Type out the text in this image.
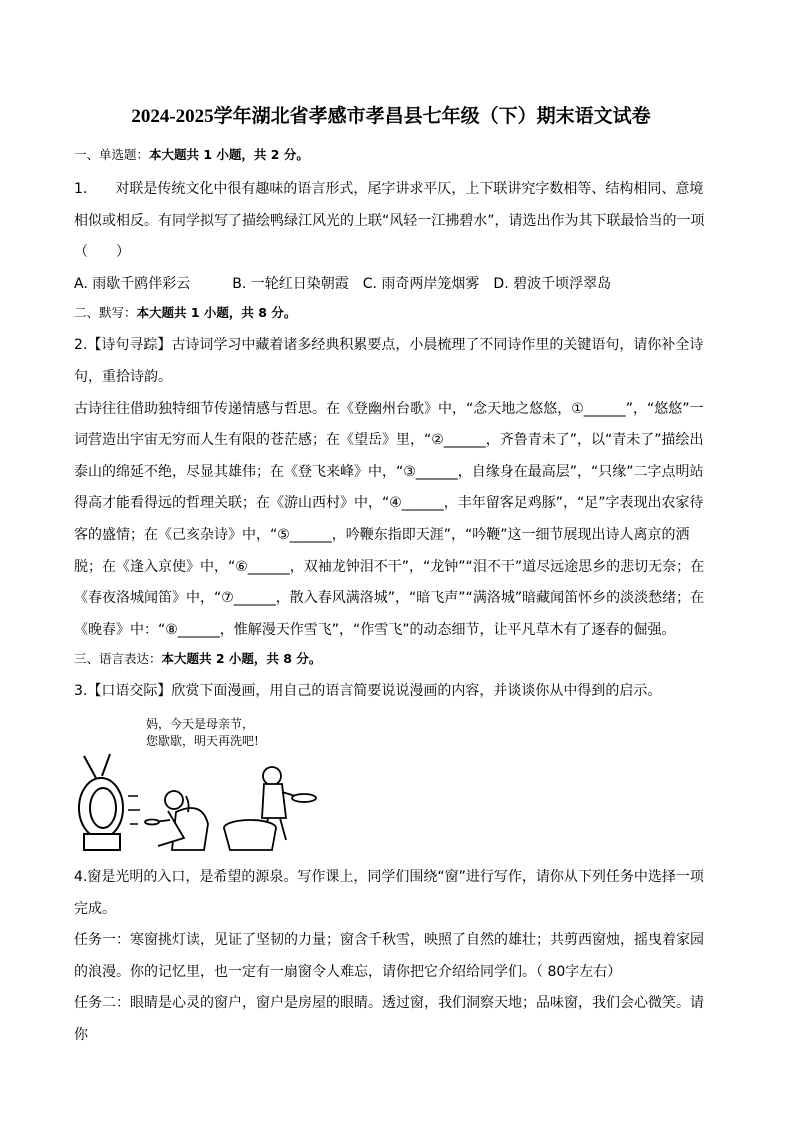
2024-2025学年湖北省孝感市孝昌县七年级（下）期末语文试卷

一、单选题：本大题共 1 小题，共 2 分。

1.　　对联是传统文化中很有趣味的语言形式，尾字讲求平仄，上下联讲究字数相等、结构相同、意境相似或相反。有同学拟写了描绘鸭绿江风光的上联“风轻一江拂碧水”，请选出作为其下联最恰当的一项（　　）

A. 雨歇千鸥伴彩云　　　B. 一轮红日染朝霞　C. 雨奇两岸笼烟雾　D. 碧波千顷浮翠岛

二、默写：本大题共 1 小题，共 8 分。

2.【诗句寻踪】古诗词学习中藏着诸多经典积累要点，小晨梳理了不同诗作里的关键语句，请你补全诗句，重拾诗韵。

古诗往往借助独特细节传递情感与哲思。在《登幽州台歌》中，“念天地之悠悠，①______”，“悠悠”一词营造出宇宙无穷而人生有限的苍茫感；在《望岳》里，“②______，齐鲁青未了”，以“青未了”描绘出泰山的绵延不绝，尽显其雄伟；在《登飞来峰》中，“③______，自缘身在最高层”，“只缘”二字点明站得高才能看得远的哲理关联；在《游山西村》中，“④______，丰年留客足鸡豚”，“足”字表现出农家待客的盛情；在《己亥杂诗》中，“⑤______，吟鞭东指即天涯”，“吟鞭”这一细节展现出诗人离京的洒脱；在《逢入京使》中，“⑥______，双袖龙钟泪不干”，“龙钟”“泪不干”道尽远途思乡的悲切无奈；在《春夜洛城闻笛》中，“⑦______，散入春风满洛城”，“暗飞声”“满洛城”暗藏闻笛怀乡的淡淡愁绪；在《晚春》中：“⑧______，惟解漫天作雪飞”，“作雪飞”的动态细节，让平凡草木有了逐春的倔强。

三、语言表达：本大题共 2 小题，共 8 分。

3.【口语交际】欣赏下面漫画，用自己的语言简要说说漫画的内容，并谈谈你从中得到的启示。

妈，今天是母亲节，
您歇歇，明天再洗吧!

4.窗是光明的入口，是希望的源泉。写作课上，同学们围绕“窗”进行写作，请你从下列任务中选择一项完成。

任务一：寒窗挑灯读，见证了坚韧的力量；窗含千秋雪，映照了自然的雄壮；共剪西窗烛，摇曳着家园的浪漫。你的记忆里，也一定有一扇窗令人难忘，请你把它介绍给同学们。（ 80字左右）

任务二：眼睛是心灵的窗户，窗户是房屋的眼睛。透过窗，我们洞察天地；品味窗，我们会心微笑。请你
